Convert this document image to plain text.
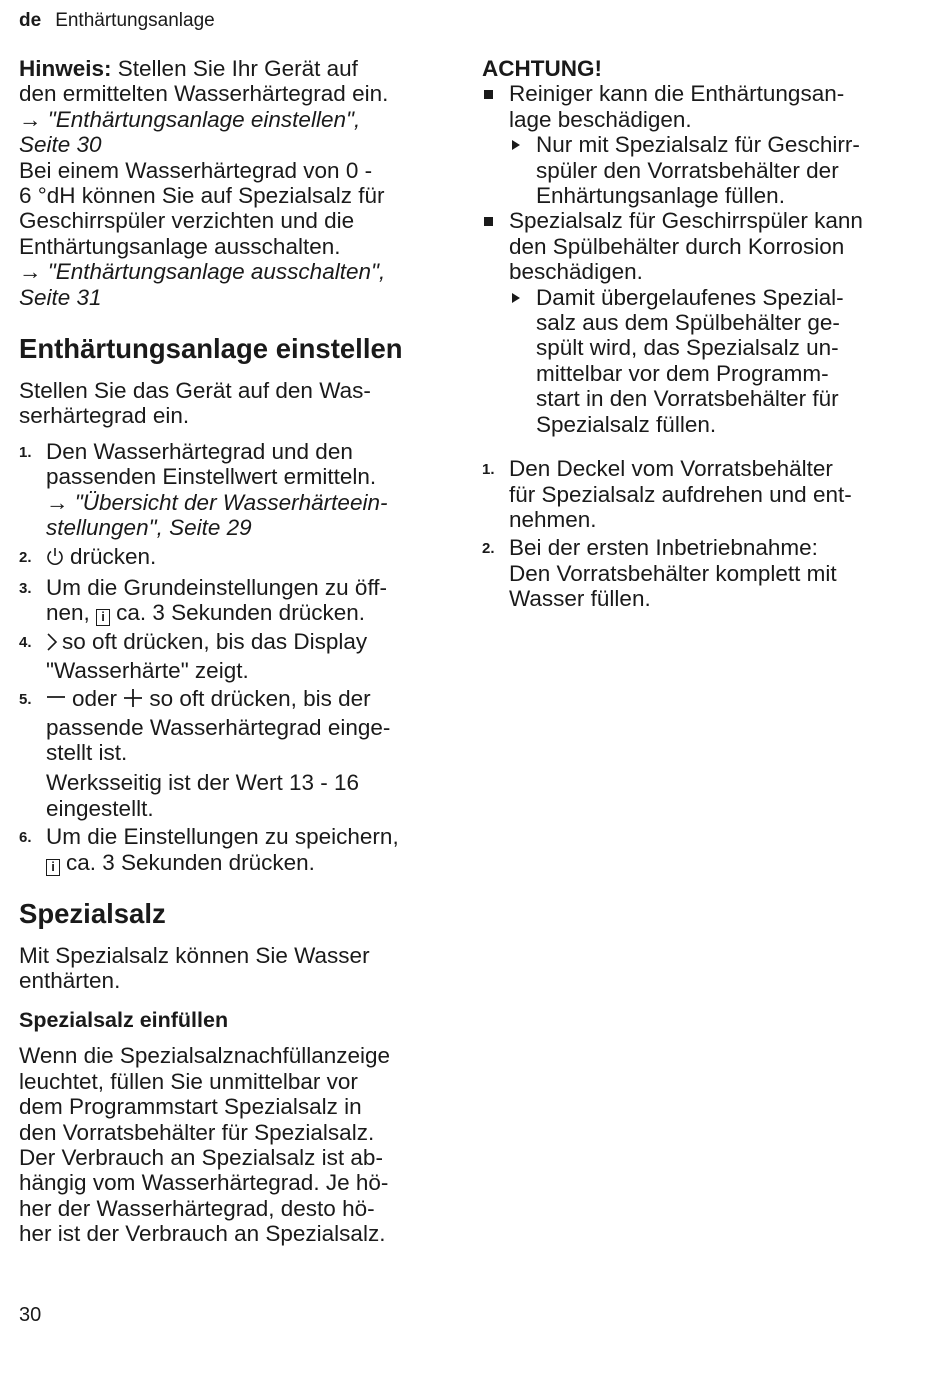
de Enthärtungsanlage

Hinweis: Stellen Sie Ihr Gerät auf

den ermittelten Wasserhärtegrad ein.

→ "Enthärtungsanlage einstellen",

Seite 30

Bei einem Wasserhärtegrad von 0 -

6 °dH können Sie auf Spezialsalz für

Geschirrspüler verzichten und die

Enthärtungsanlage ausschalten.

→ "Enthärtungsanlage ausschalten",

Seite 31

Enthärtungsanlage einstellen

Stellen Sie das Gerät auf den Was-

serhärtegrad ein.

1. Den Wasserhärtegrad und den
passenden Einstellwert ermitteln.
→ "Übersicht der Wasserhärteein-
stellungen", Seite 29
2.	drücken.
3. Um die Grundeinstellungen zu öff-
nen, i ca. 3 Sekunden drücken.
4.	so oft drücken, bis das Display
"Wasserhärte" zeigt.
5.	oder so oft drücken, bis der
passende Wasserhärtegrad einge-
stellt ist.
Werksseitig ist der Wert 13 - 16
eingestellt.
6. Um die Einstellungen zu speichern,
i ca. 3 Sekunden drücken.
Spezialsalz

Mit Spezialsalz können Sie Wasser

enthärten.

Spezialsalz einfüllen

Wenn die Spezialsalznachfüllanzeige

leuchtet, füllen Sie unmittelbar vor

dem Programmstart Spezialsalz in

den Vorratsbehälter für Spezialsalz.

Der Verbrauch an Spezialsalz ist ab-

hängig vom Wasserhärtegrad. Je hö-

her der Wasserhärtegrad, desto hö-

her ist der Verbrauch an Spezialsalz.

ACHTUNG!

Reiniger kann die Enthärtungsan-
lage beschädigen.
Nur mit Spezialsalz für Geschirr-
spüler den Vorratsbehälter der
Enhärtungsanlage füllen.
Spezialsalz für Geschirrspüler kann
den Spülbehälter durch Korrosion
beschädigen.
Damit übergelaufenes Spezial-
salz aus dem Spülbehälter ge-
spült wird, das Spezialsalz un-
mittelbar vor dem Programm-
start in den Vorratsbehälter für
Spezialsalz füllen.
1. Den Deckel vom Vorratsbehälter
für Spezialsalz aufdrehen und ent-
nehmen.
2. Bei der ersten Inbetriebnahme:
Den Vorratsbehälter komplett mit
Wasser füllen.
30
